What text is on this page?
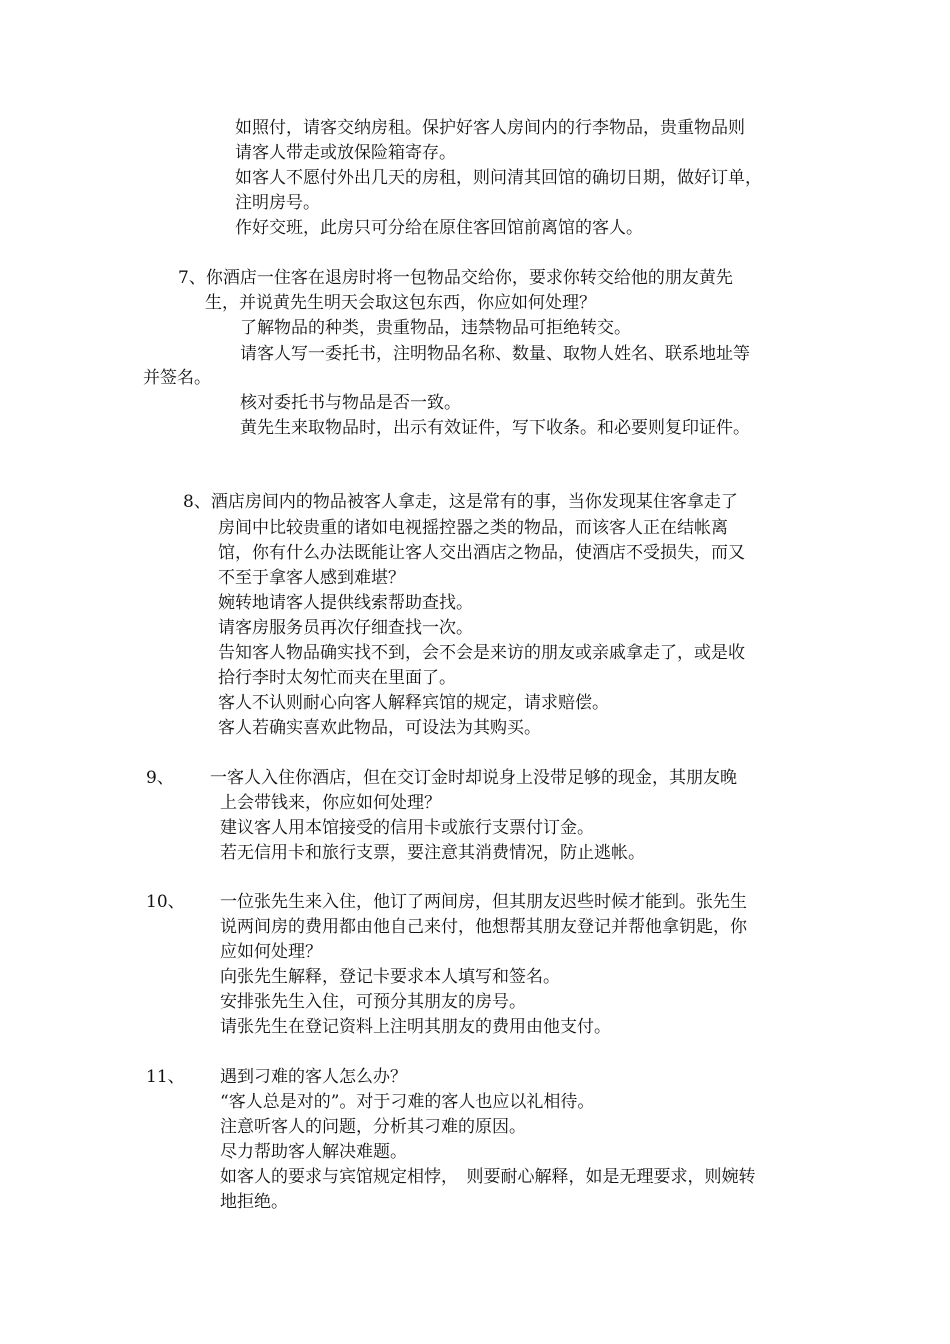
如照付，请客交纳房租。保护好客人房间内的行李物品，贵重物品则
请客人带走或放保险箱寄存。
如客人不愿付外出几天的房租，则问清其回馆的确切日期，做好订单，
注明房号。
作好交班，此房只可分给在原住客回馆前离馆的客人。
7、你酒店一住客在退房时将一包物品交给你，要求你转交给他的朋友黄先
生，并说黄先生明天会取这包东西，你应如何处理？
了解物品的种类，贵重物品，违禁物品可拒绝转交。
请客人写一委托书，注明物品名称、数量、取物人姓名、联系地址等
并签名。
核对委托书与物品是否一致。
黄先生来取物品时，出示有效证件，写下收条。和必要则复印证件。
8、酒店房间内的物品被客人拿走，这是常有的事，当你发现某住客拿走了
房间中比较贵重的诸如电视摇控器之类的物品，而该客人正在结帐离
馆，你有什么办法既能让客人交出酒店之物品，使酒店不受损失，而又
不至于拿客人感到难堪？
婉转地请客人提供线索帮助查找。
请客房服务员再次仔细查找一次。
告知客人物品确实找不到，会不会是来访的朋友或亲戚拿走了，或是收
拾行李时太匆忙而夹在里面了。
客人不认则耐心向客人解释宾馆的规定，请求赔偿。
客人若确实喜欢此物品，可设法为其购买。
9、 一客人入住你酒店，但在交订金时却说身上没带足够的现金，其朋友晚
上会带钱来，你应如何处理？
建议客人用本馆接受的信用卡或旅行支票付订金。
若无信用卡和旅行支票，要注意其消费情况，防止逃帐。
10、 一位张先生来入住，他订了两间房，但其朋友迟些时候才能到。张先生
说两间房的费用都由他自己来付，他想帮其朋友登记并帮他拿钥匙，你
应如何处理？
向张先生解释，登记卡要求本人填写和签名。
安排张先生入住，可预分其朋友的房号。
请张先生在登记资料上注明其朋友的费用由他支付。
11、 遇到刁难的客人怎么办？
“客人总是对的”。对于刁难的客人也应以礼相待。
注意听客人的问题，分析其刁难的原因。
尽力帮助客人解决难题。
如客人的要求与宾馆规定相悖，　则要耐心解释，如是无理要求，则婉转
地拒绝。
